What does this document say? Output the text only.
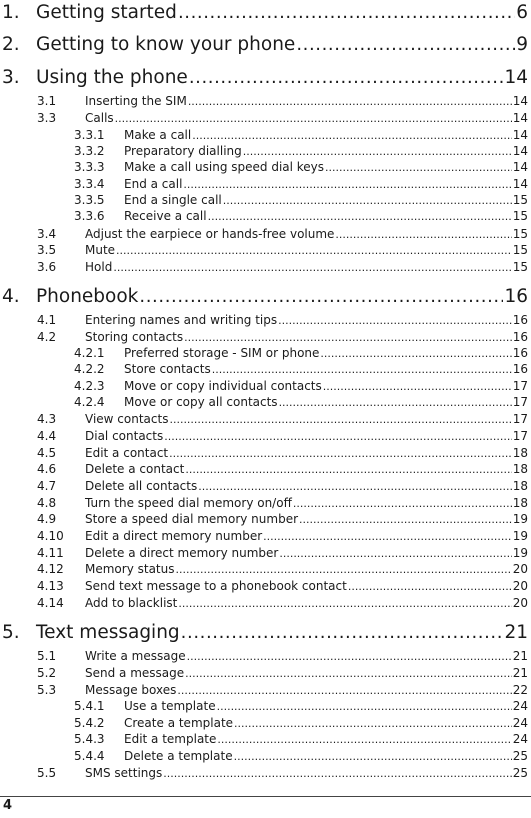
1. Getting started .....	6
2. Getting to know your phone .....	9
3. Using the phone .....	14
3.1	Inserting the SIM .....	14
3.3	Calls .....	14
3.3.1	Make a call .....	14
3.3.2	Preparatory dialling .....	14
3.3.3	Make a call using speed dial keys .....	14
3.3.4	End a call .....	14
3.3.5	End a single call .....	15
3.3.6	Receive a call .....	15
3.4	Adjust the earpiece or hands-free volume .....	15
3.5	Mute .....	15
3.6	Hold .....	15
4. Phonebook .....	16
4.1	Entering names and writing tips .....	16
4.2	Storing contacts .....	16
4.2.1	Preferred storage - SIM or phone .....	16
4.2.2	Store contacts .....	16
4.2.3	Move or copy individual contacts .....	17
4.2.4	Move or copy all contacts .....	17
4.3	View contacts .....	17
4.4	Dial contacts .....	17
4.5	Edit a contact .....	18
4.6	Delete a contact .....	18
4.7	Delete all contacts .....	18
4.8	Turn the speed dial memory on/off .....	18
4.9	Store a speed dial memory number .....	19
4.10	Edit a direct memory number .....	19
4.11	Delete a direct memory number .....	19
4.12	Memory status .....	20
4.13	Send text message to a phonebook contact .....	20
4.14	Add to blacklist .....	20
5. Text messaging .....	21
5.1	Write a message .....	21
5.2	Send a message .....	21
5.3	Message boxes .....	22
5.4.1	Use a template .....	24
5.4.2	Create a template .....	24
5.4.3	Edit a template .....	24
5.4.4	Delete a template .....	25
5.5	SMS settings .....	25
4
